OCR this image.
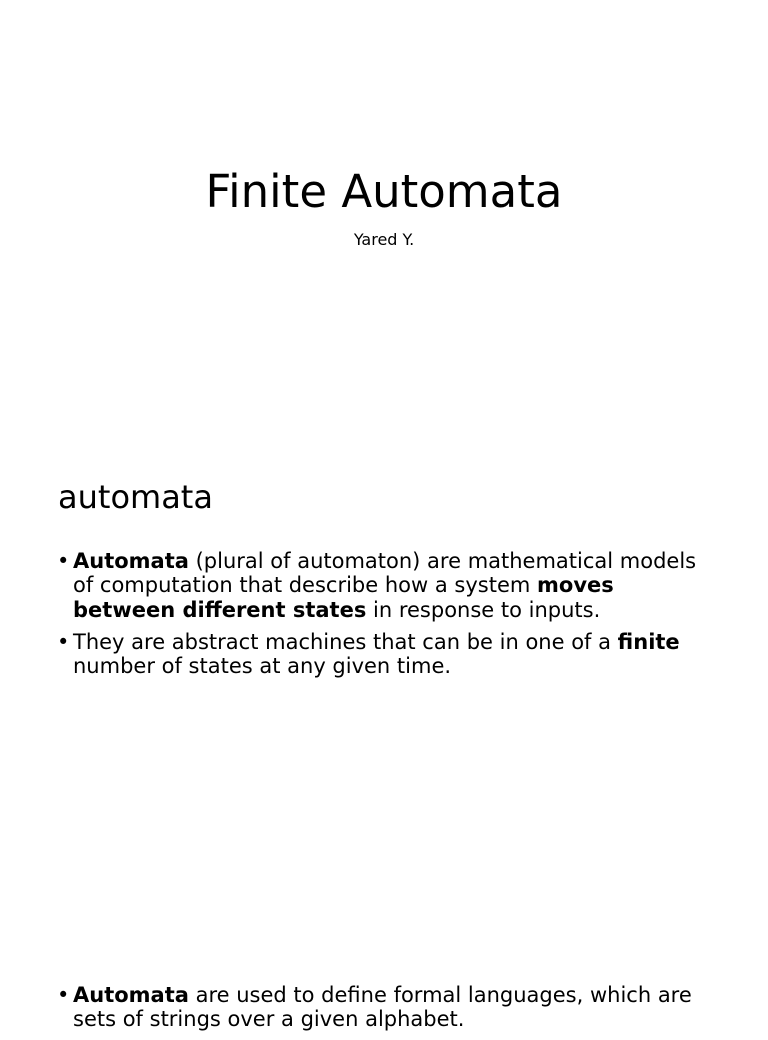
Finite Automata

Yared Y.

automata
• Automata (plural of automaton) are mathematical models of computation that describe how a system moves between different states in response to inputs.
• They are abstract machines that can be in one of a finite number of states at any given time.
• Automata are used to define formal languages, which are sets of strings over a given alphabet.
